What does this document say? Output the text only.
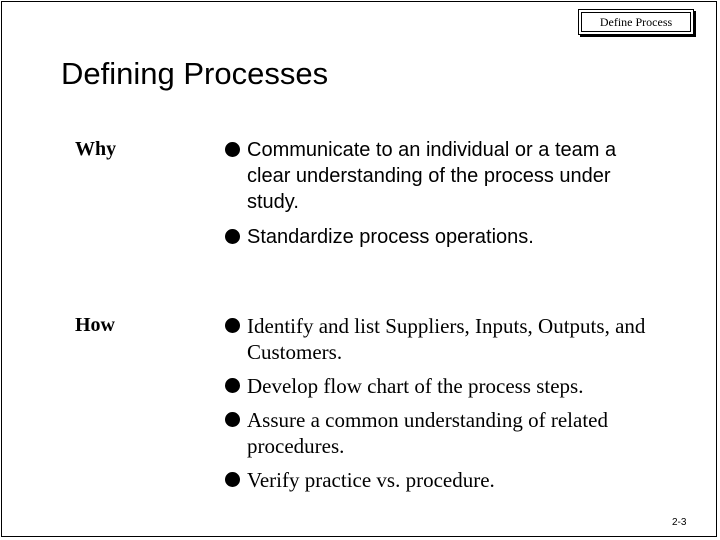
Define Process
Defining Processes
Why	Communicate to an individual or a team a clear understanding of the process under study.
Standardize process operations.
How	Identify and list Suppliers, Inputs, Outputs, and Customers.
Develop flow chart of the process steps.
Assure a common understanding of related procedures.
Verify practice vs. procedure.
2-3
